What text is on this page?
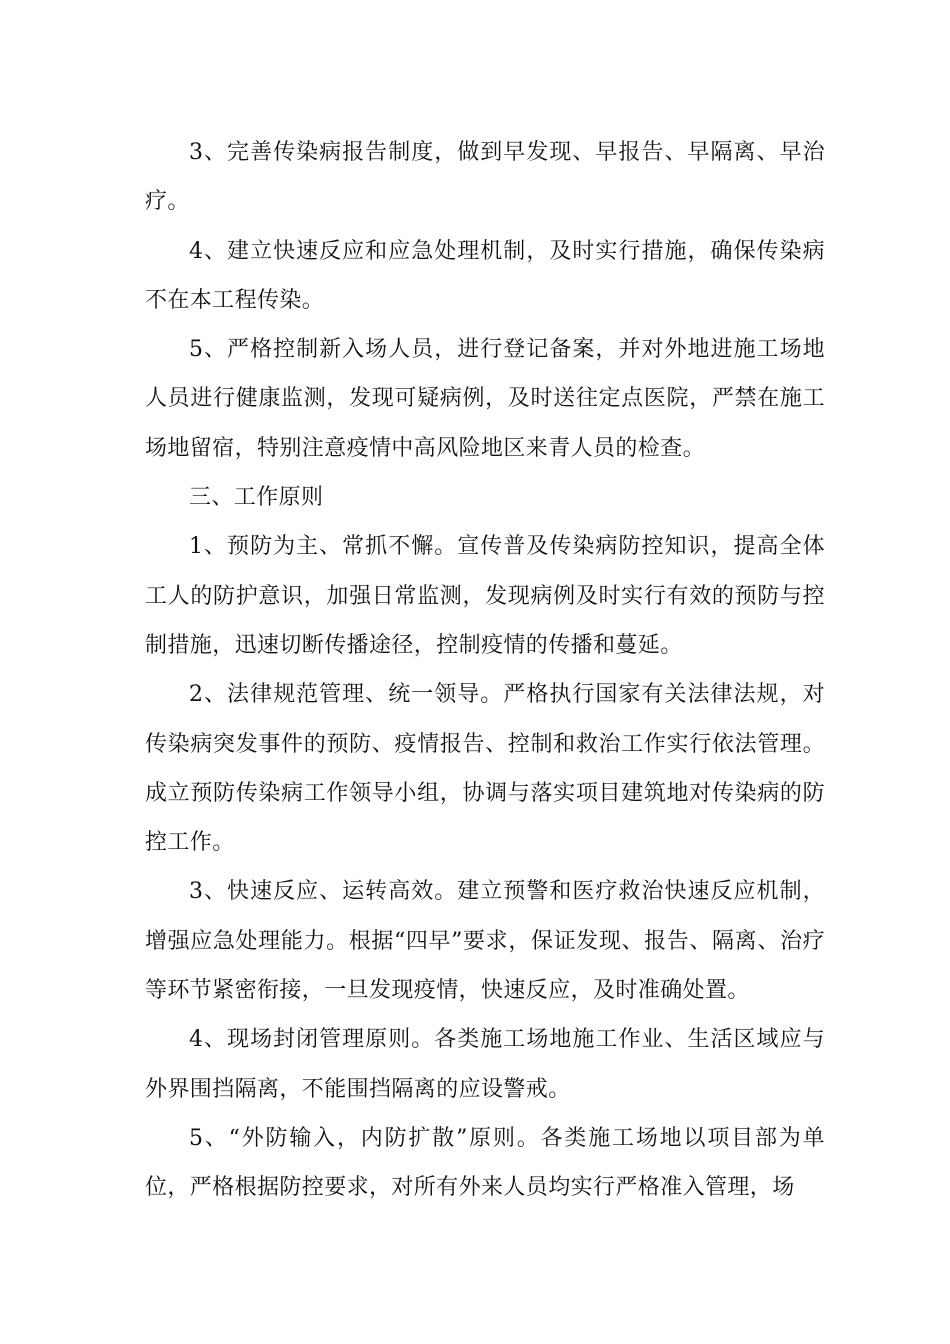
3、完善传染病报告制度，做到早发现、早报告、早隔离、早治疗。

4、建立快速反应和应急处理机制，及时实行措施，确保传染病不在本工程传染。

5、严格控制新入场人员，进行登记备案，并对外地进施工场地人员进行健康监测，发现可疑病例，及时送往定点医院，严禁在施工场地留宿，特别注意疫情中高风险地区来青人员的检查。

三、工作原则

1、预防为主、常抓不懈。宣传普及传染病防控知识，提高全体工人的防护意识，加强日常监测，发现病例及时实行有效的预防与控制措施，迅速切断传播途径，控制疫情的传播和蔓延。

2、法律规范管理、统一领导。严格执行国家有关法律法规，对传染病突发事件的预防、疫情报告、控制和救治工作实行依法管理。成立预防传染病工作领导小组，协调与落实项目建筑地对传染病的防控工作。

3、快速反应、运转高效。建立预警和医疗救治快速反应机制，增强应急处理能力。根据“四早”要求，保证发现、报告、隔离、治疗等环节紧密衔接，一旦发现疫情，快速反应，及时准确处置。

4、现场封闭管理原则。各类施工场地施工作业、生活区域应与外界围挡隔离，不能围挡隔离的应设警戒。

5、“外防输入，内防扩散”原则。各类施工场地以项目部为单位，严格根据防控要求，对所有外来人员均实行严格准入管理，场
